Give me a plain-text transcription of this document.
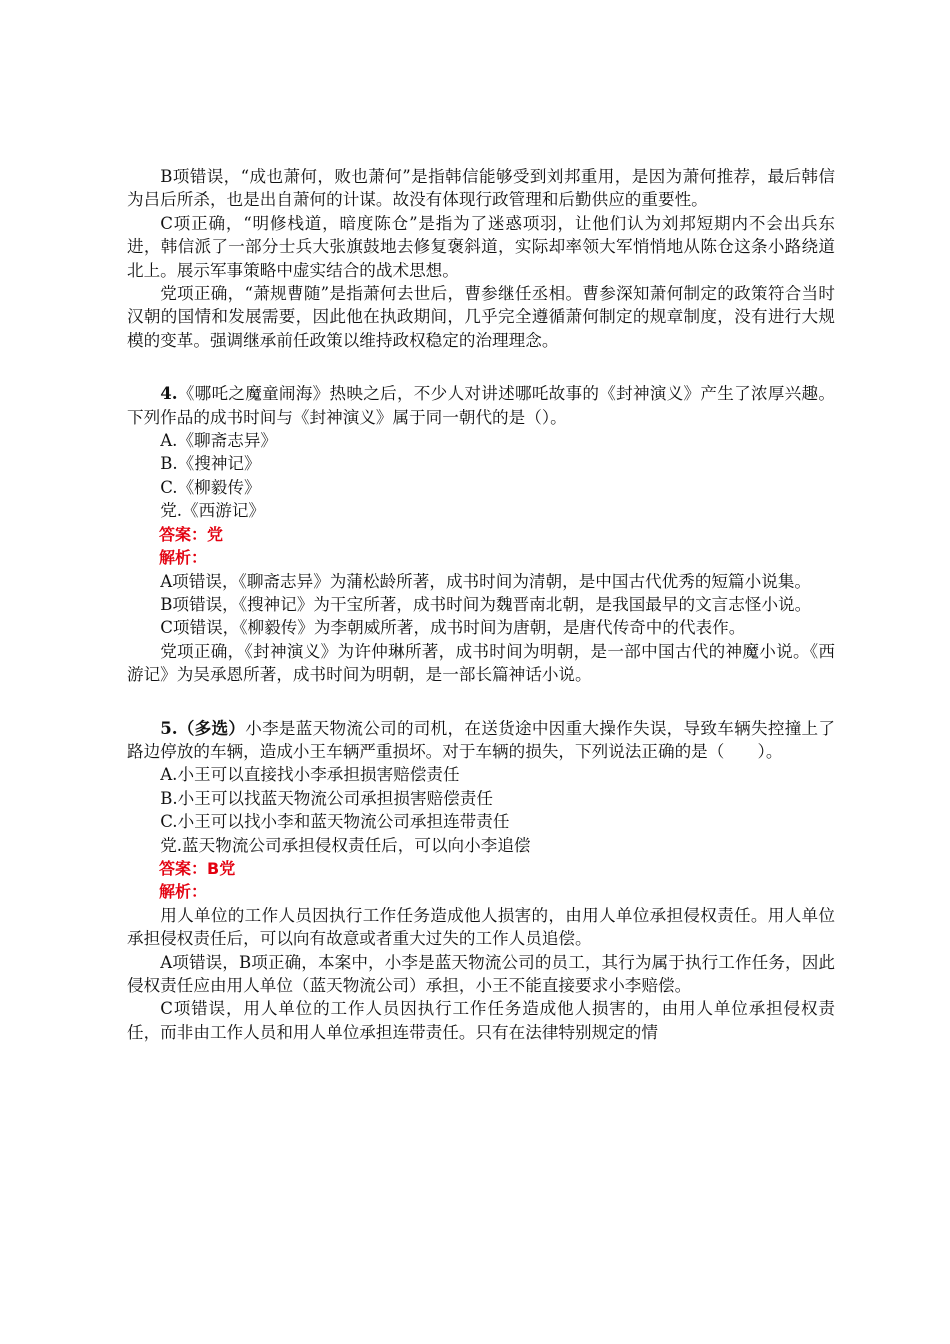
B项错误，“成也萧何，败也萧何”是指韩信能够受到刘邦重用，是因为萧何推荐，最后韩信为吕后所杀，也是出自萧何的计谋。故没有体现行政管理和后勤供应的重要性。

C项正确，“明修栈道，暗度陈仓”是指为了迷惑项羽，让他们认为刘邦短期内不会出兵东进，韩信派了一部分士兵大张旗鼓地去修复褒斜道，实际却率领大军悄悄地从陈仓这条小路绕道北上。展示军事策略中虚实结合的战术思想。

党项正确，“萧规曹随”是指萧何去世后，曹参继任丞相。曹参深知萧何制定的政策符合当时汉朝的国情和发展需要，因此他在执政期间，几乎完全遵循萧何制定的规章制度，没有进行大规模的变革。强调继承前任政策以维持政权稳定的治理理念。

4.《哪吒之魔童闹海》热映之后，不少人对讲述哪吒故事的《封神演义》产生了浓厚兴趣。下列作品的成书时间与《封神演义》属于同一朝代的是（）。

A.《聊斋志异》

B.《搜神记》

C.《柳毅传》

党.《西游记》

答案：党

解析：

A项错误，《聊斋志异》为蒲松龄所著，成书时间为清朝，是中国古代优秀的短篇小说集。

B项错误，《搜神记》为干宝所著，成书时间为魏晋南北朝，是我国最早的文言志怪小说。

C项错误，《柳毅传》为李朝威所著，成书时间为唐朝，是唐代传奇中的代表作。

党项正确，《封神演义》为许仲琳所著，成书时间为明朝，是一部中国古代的神魔小说。《西游记》为吴承恩所著，成书时间为明朝，是一部长篇神话小说。

5.（多选）小李是蓝天物流公司的司机，在送货途中因重大操作失误，导致车辆失控撞上了路边停放的车辆，造成小王车辆严重损坏。对于车辆的损失，下列说法正确的是（　　）。

A.小王可以直接找小李承担损害赔偿责任

B.小王可以找蓝天物流公司承担损害赔偿责任

C.小王可以找小李和蓝天物流公司承担连带责任

党.蓝天物流公司承担侵权责任后，可以向小李追偿

答案：B党

解析：

用人单位的工作人员因执行工作任务造成他人损害的，由用人单位承担侵权责任。用人单位承担侵权责任后，可以向有故意或者重大过失的工作人员追偿。

A项错误，B项正确，本案中，小李是蓝天物流公司的员工，其行为属于执行工作任务，因此侵权责任应由用人单位（蓝天物流公司）承担，小王不能直接要求小李赔偿。

C项错误，用人单位的工作人员因执行工作任务造成他人损害的，由用人单位承担侵权责任，而非由工作人员和用人单位承担连带责任。只有在法律特别规定的情
